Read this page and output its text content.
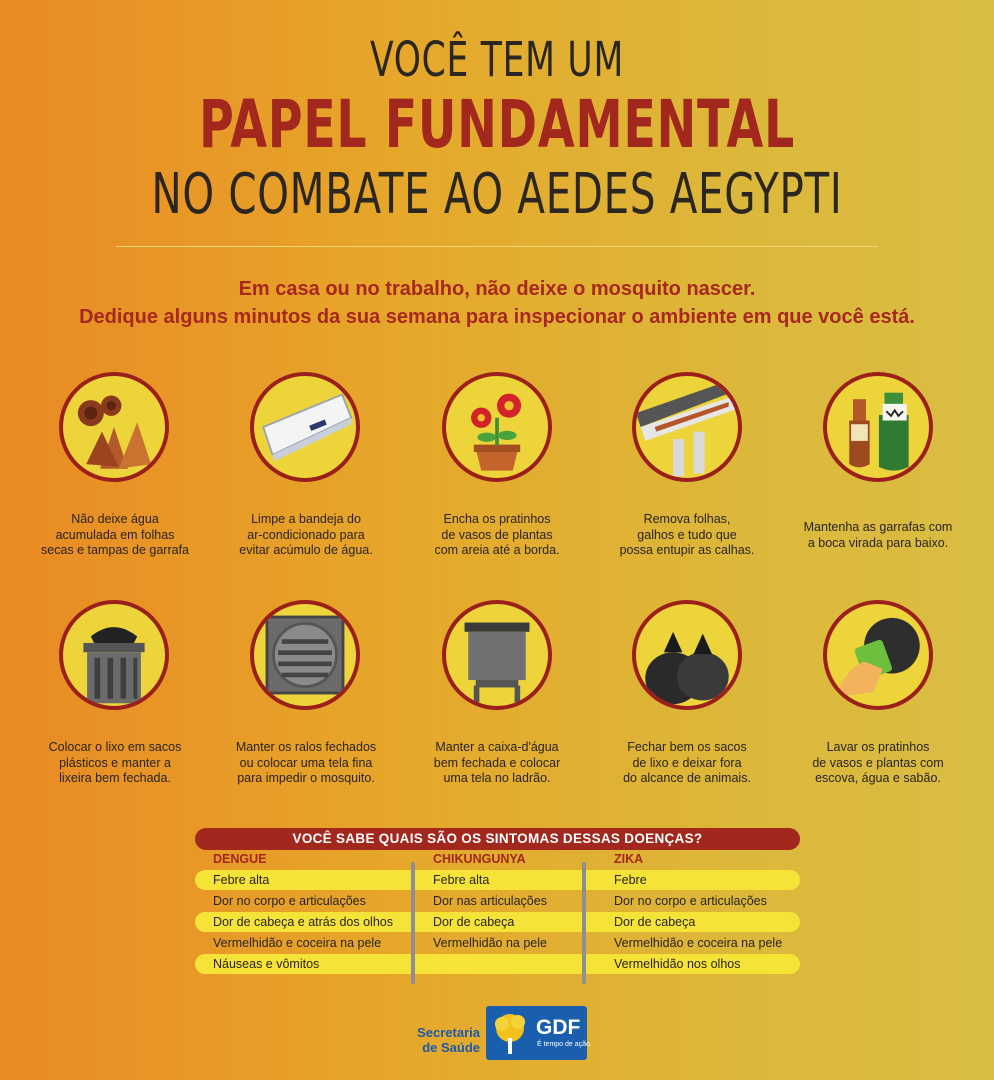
VOCÊ TEM UM
PAPEL FUNDAMENTAL
NO COMBATE AO AEDES AEGYPTI
Em casa ou no trabalho, não deixe o mosquito nascer.
Dedique alguns minutos da sua semana para inspecionar o ambiente em que você está.
Não deixe água
acumulada em folhas
secas e tampas de garrafa
Limpe a bandeja do
ar-condicionado para
evitar acúmulo de água.
Encha os pratinhos
de vasos de plantas
com areia até a borda.
Remova folhas,
galhos e tudo que
possa entupir as calhas.
Mantenha as garrafas com
a boca virada para baixo.
Colocar o lixo em sacos
plásticos e manter a
lixeira bem fechada.
Manter os ralos fechados
ou colocar uma tela fina
para impedir o mosquito.
Manter a caixa-d'água
bem fechada e colocar
uma tela no ladrão.
Fechar bem os sacos
de lixo e deixar fora
do alcance de animais.
Lavar os pratinhos
de vasos e plantas com
escova, água e sabão.
VOCÊ SABE QUAIS SÃO OS SINTOMAS DESSAS DOENÇAS?
DENGUE	CHIKUNGUNYA	ZIKA
Febre alta
Dor no corpo e articulações
Dor de cabeça e atrás dos olhos
Vermelhidão e coceira na pele
Náuseas e vômitos
Febre alta
Dor nas articulações
Dor de cabeça
Vermelhidão na pele
Febre
Dor no corpo e articulações
Dor de cabeça
Vermelhidão e coceira na pele
Vermelhidão nos olhos
Secretaria
de Saúde
GDF
É tempo de ação.
